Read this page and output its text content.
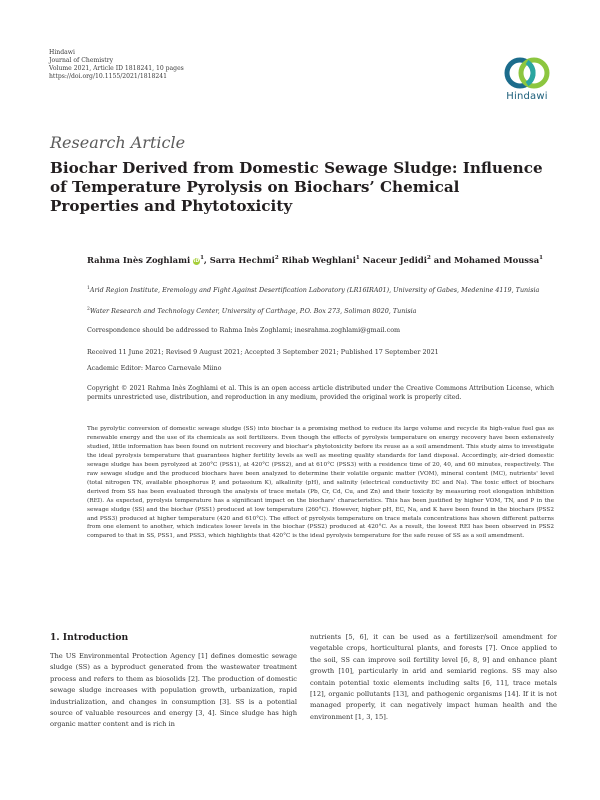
Hindawi
Journal of Chemistry
Volume 2021, Article ID 1818241, 10 pages
https://doi.org/10.1155/2021/1818241
Hindawi
Research Article
Biochar Derived from Domestic Sewage Sludge: Influence of Temperature Pyrolysis on Biochars’ Chemical Properties and Phytotoxicity
Rahma Inès Zoghlami $iD^1$, Sarra Hechmi$^2$ Rihab Weghlani$^1$ Naceur Jedidi$^2$ and Mohamed Moussa$^1$
$^1$Arid Region Institute, Eremology and Fight Against Desertification Laboratory (LR16IRA01), University of Gabes, Medenine 4119, Tunisia
$^2$Water Research and Technology Center, University of Carthage, P.O. Box 273, Soliman 8020, Tunisia
Correspondence should be addressed to Rahma Inès Zoghlami; inesrahma.zoghlami@gmail.com
Received 11 June 2021; Revised 9 August 2021; Accepted 3 September 2021; Published 17 September 2021
Academic Editor: Marco Carnevale Miino
Copyright © 2021 Rahma Inès Zoghlami et al. This is an open access article distributed under the Creative Commons Attribution License, which permits unrestricted use, distribution, and reproduction in any medium, provided the original work is properly cited.
The pyrolytic conversion of domestic sewage sludge (SS) into biochar is a promising method to reduce its large volume and recycle its high-value fuel gas as renewable energy and the use of its chemicals as soil fertilizers. Even though the effects of pyrolysis temperature on energy recovery have been extensively studied, little information has been found on nutrient recovery and biochar's phytotoxicity before its reuse as a soil amendment. This study aims to investigate the ideal pyrolysis temperature that guarantees higher fertility levels as well as meeting quality standards for land disposal. Accordingly, air-dried domestic sewage sludge has been pyrolyzed at 260°C (PSS1), at 420°C (PSS2), and at 610°C (PSS3) with a residence time of 20, 40, and 60 minutes, respectively. The raw sewage sludge and the produced biochars have been analyzed to determine their volatile organic matter (VOM), mineral content (MC), nutrients' level (total nitrogen TN, available phosphorus P, and potassium K), alkalinity (pH), and salinity (electrical conductivity EC and Na). The toxic effect of biochars derived from SS has been evaluated through the analysis of trace metals (Pb, Cr, Cd, Cu, and Zn) and their toxicity by measuring root elongation inhibition (REI). As expected, pyrolysis temperature has a significant impact on the biochars' characteristics. This has been justified by higher VOM, TN, and P in the sewage sludge (SS) and the biochar (PSS1) produced at low temperature (260°C). However, higher pH, EC, Na, and K have been found in the biochars (PSS2 and PSS3) produced at higher temperature (420 and 610°C). The effect of pyrolysis temperature on trace metals concentrations has shown different patterns from one element to another, which indicates lower levels in the biochar (PSS2) produced at 420°C. As a result, the lowest REI has been observed in PSS2 compared to that in SS, PSS1, and PSS3, which highlights that 420°C is the ideal pyrolysis temperature for the safe reuse of SS as a soil amendment.
1. Introduction
The US Environmental Protection Agency [1] defines domestic sewage sludge (SS) as a byproduct generated from the wastewater treatment process and refers to them as biosolids [2]. The production of domestic sewage sludge increases with population growth, urbanization, rapid industrialization, and changes in consumption [3]. SS is a potential source of valuable resources and energy [3, 4]. Since sludge has high organic matter content and is rich in
nutrients [5, 6], it can be used as a fertilizer/soil amendment for vegetable crops, horticultural plants, and forests [7]. Once applied to the soil, SS can improve soil fertility level [6, 8, 9] and enhance plant growth [10], particularly in arid and semiarid regions. SS may also contain potential toxic elements including salts [6, 11], trace metals [12], organic pollutants [13], and pathogenic organisms [14]. If it is not managed properly, it can negatively impact human health and the environment [1, 3, 15].
